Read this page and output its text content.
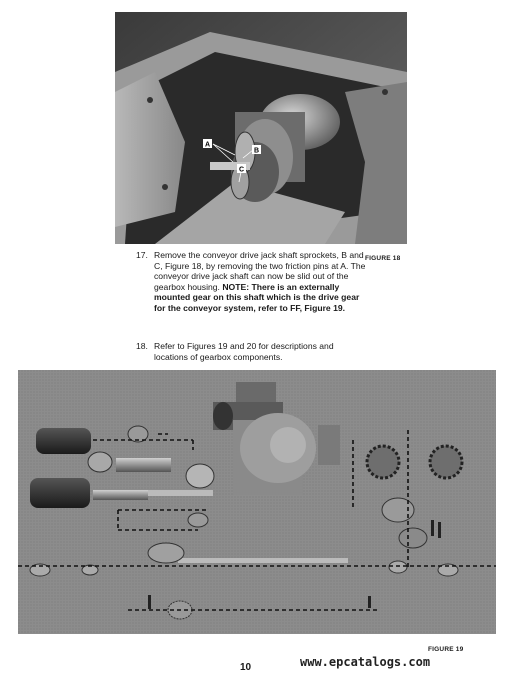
A
B
C
FIGURE 18
17. Remove the conveyor drive jack shaft sprockets, B and C, Figure 18, by removing the two friction pins at A. The conveyor drive jack shaft can now be slid out of the gearbox housing. NOTE: There is an externally mounted gear on this shaft which is the drive gear for the conveyor system, refer to FF, Figure 19.
18. Refer to Figures 19 and 20 for descriptions and locations of gearbox components.
FIGURE 19
10	www.epcatalogs.com
